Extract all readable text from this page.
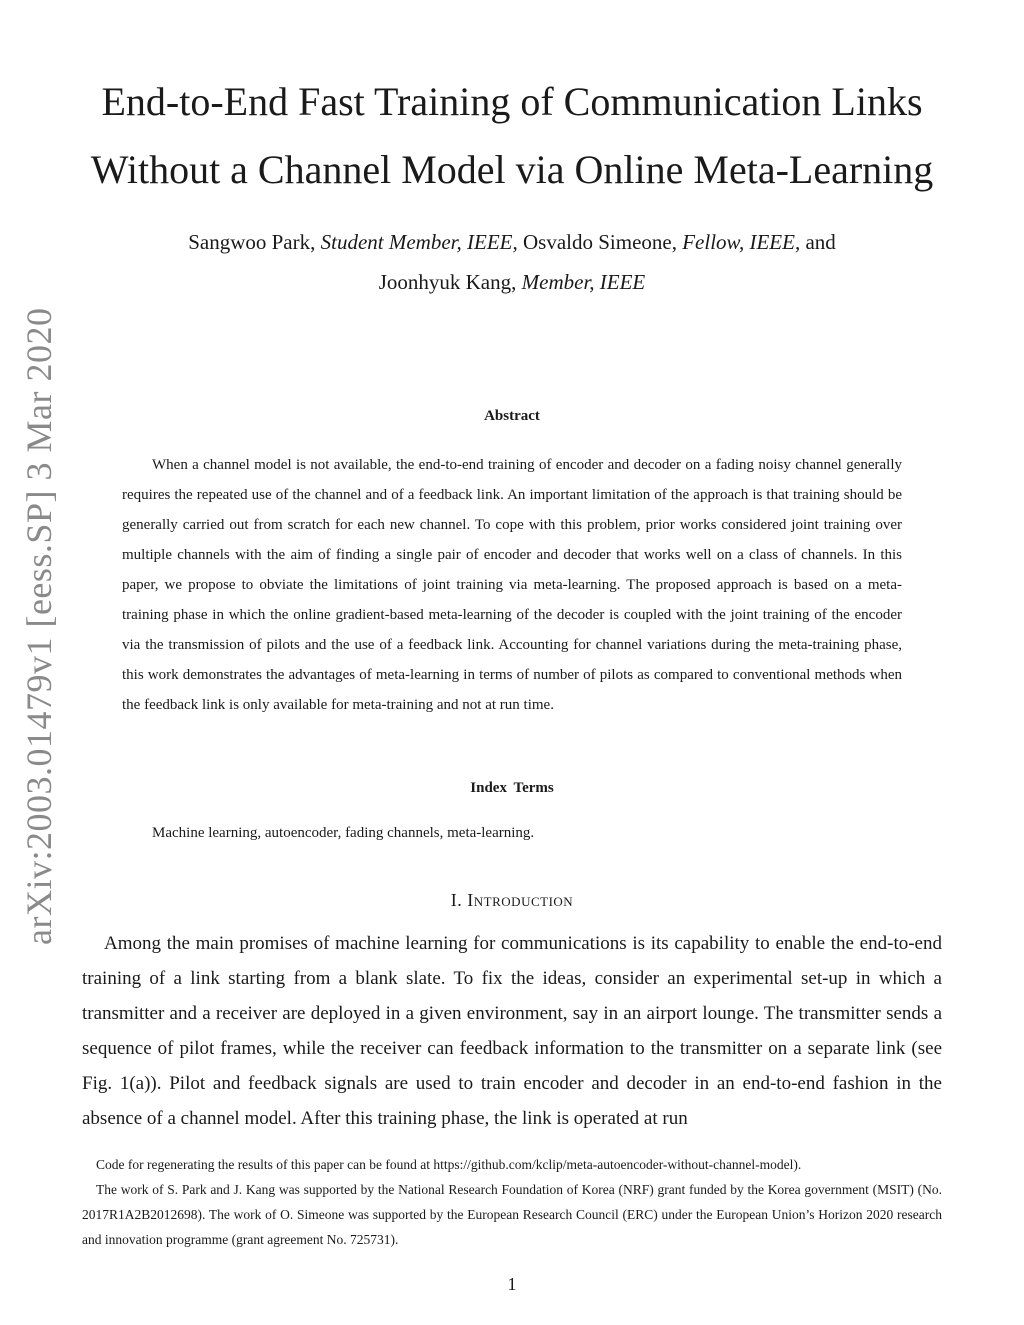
arXiv:2003.01479v1 [eess.SP] 3 Mar 2020
End-to-End Fast Training of Communication Links
Without a Channel Model via Online Meta-Learning
Sangwoo Park, Student Member, IEEE, Osvaldo Simeone, Fellow, IEEE, and
Joonhyuk Kang, Member, IEEE
Abstract

When a channel model is not available, the end-to-end training of encoder and decoder on a fading noisy channel generally requires the repeated use of the channel and of a feedback link. An important limitation of the approach is that training should be generally carried out from scratch for each new channel. To cope with this problem, prior works considered joint training over multiple channels with the aim of finding a single pair of encoder and decoder that works well on a class of channels. In this paper, we propose to obviate the limitations of joint training via meta-learning. The proposed approach is based on a meta-training phase in which the online gradient-based meta-learning of the decoder is coupled with the joint training of the encoder via the transmission of pilots and the use of a feedback link. Accounting for channel variations during the meta-training phase, this work demonstrates the advantages of meta-learning in terms of number of pilots as compared to conventional methods when the feedback link is only available for meta-training and not at run time.

Index Terms

Machine learning, autoencoder, fading channels, meta-learning.

I. Introduction

Among the main promises of machine learning for communications is its capability to enable the end-to-end training of a link starting from a blank slate. To fix the ideas, consider an experimental set-up in which a transmitter and a receiver are deployed in a given environment, say in an airport lounge. The transmitter sends a sequence of pilot frames, while the receiver can feedback information to the transmitter on a separate link (see Fig. 1(a)). Pilot and feedback signals are used to train encoder and decoder in an end-to-end fashion in the absence of a channel model. After this training phase, the link is operated at run

Code for regenerating the results of this paper can be found at https://github.com/kclip/meta-autoencoder-without-channel-model).

The work of S. Park and J. Kang was supported by the National Research Foundation of Korea (NRF) grant funded by the Korea government (MSIT) (No. 2017R1A2B2012698). The work of O. Simeone was supported by the European Research Council (ERC) under the European Union’s Horizon 2020 research and innovation programme (grant agreement No. 725731).

1
